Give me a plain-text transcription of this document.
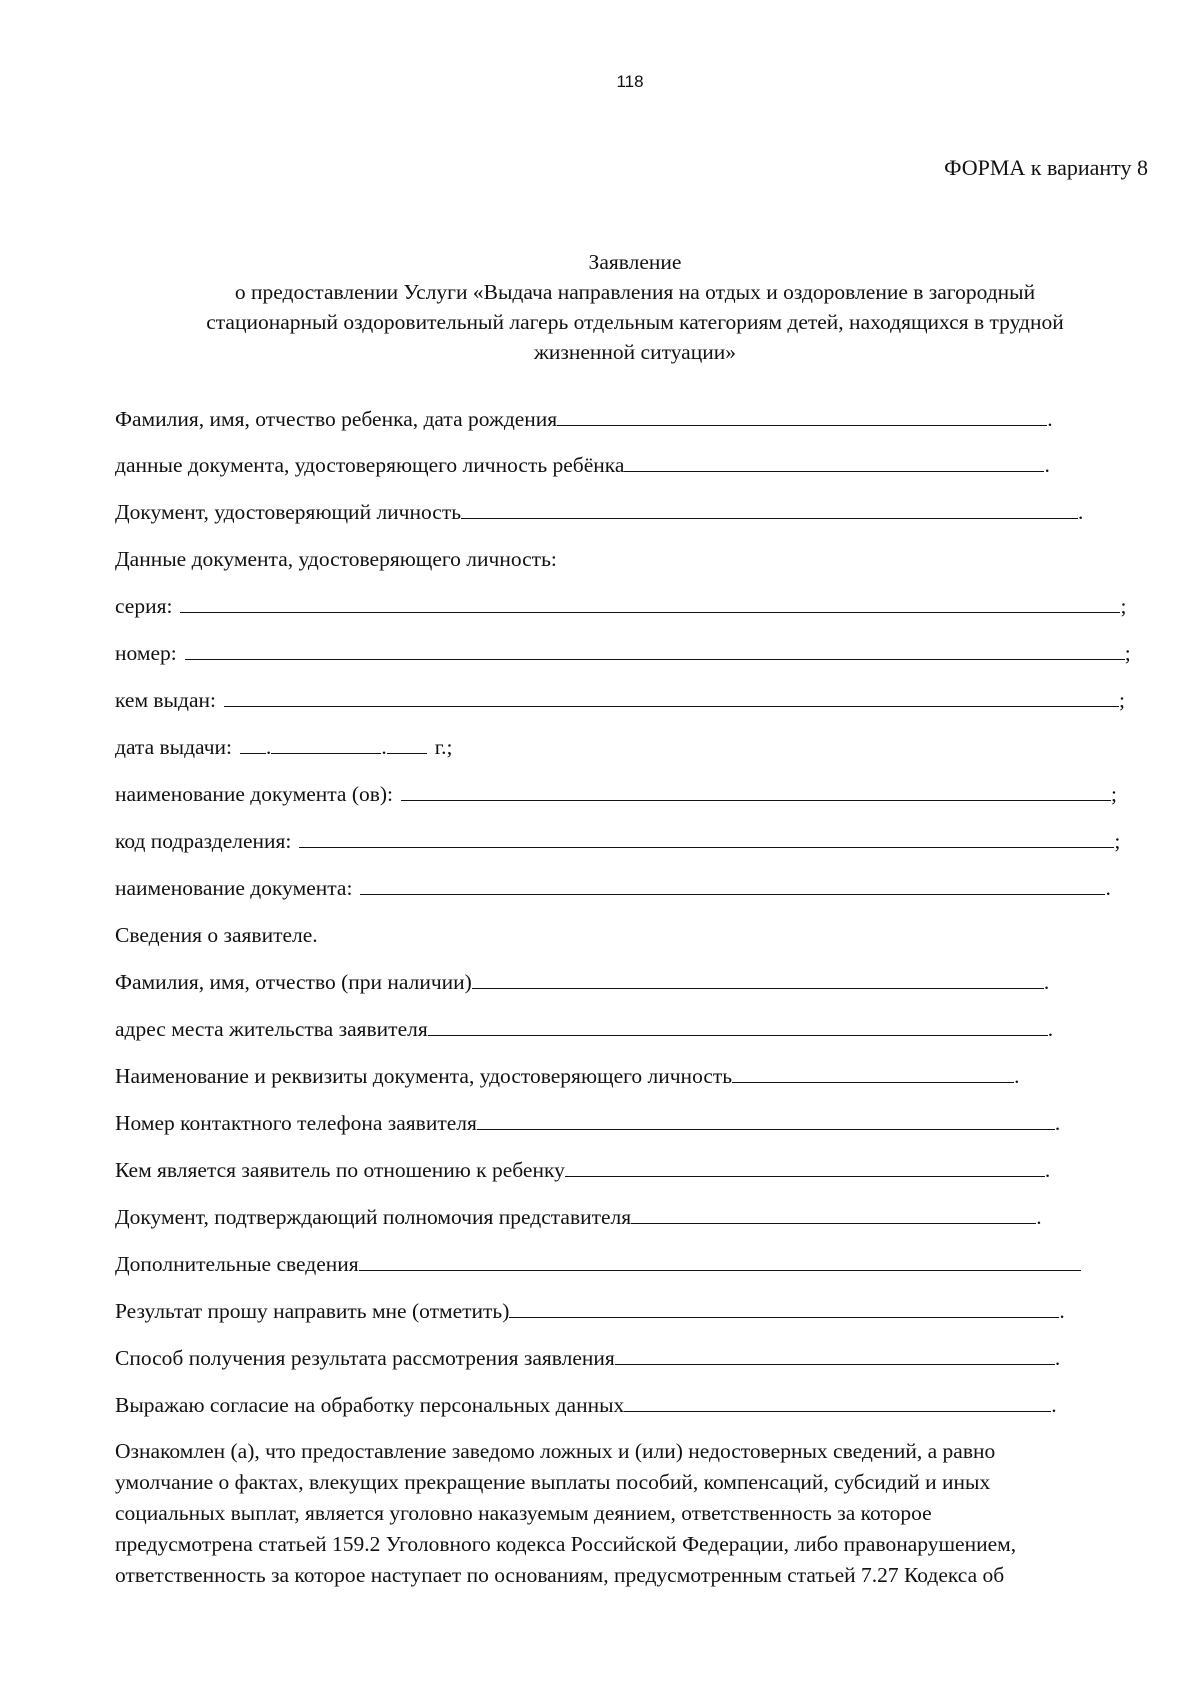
118
ФОРМА к варианту 8
Заявление
о предоставлении Услуги «Выдача направления на отдых и оздоровление в загородный
стационарный оздоровительный лагерь отдельным категориям детей, находящихся в трудной
жизненной ситуации»
Фамилия, имя, отчество ребенка, дата рождения	.
данные документа, удостоверяющего личность ребёнка	.
Документ, удостоверяющий личность	.
Данные документа, удостоверяющего личность:
серия:	;
номер:	;
кем выдан:	;
дата выдачи: .	. г.;
наименование документа (ов):	;
код подразделения:	;
наименование документа:	.
Сведения о заявителе.
Фамилия, имя, отчество (при наличии)	.
адрес места жительства заявителя	.
Наименование и реквизиты документа, удостоверяющего личность	.
Номер контактного телефона заявителя	.
Кем является заявитель по отношению к ребенку	.
Документ, подтверждающий полномочия представителя	.
Дополнительные сведения
Результат прошу направить мне (отметить)	.
Способ получения результата рассмотрения заявления	.
Выражаю согласие на обработку персональных данных	.
Ознакомлен (а), что предоставление заведомо ложных и (или) недостоверных сведений, а равно
умолчание о фактах, влекущих прекращение выплаты пособий, компенсаций, субсидий и иных
социальных выплат, является уголовно наказуемым деянием, ответственность за которое
предусмотрена статьей 159.2 Уголовного кодекса Российской Федерации, либо правонарушением,
ответственность за которое наступает по основаниям, предусмотренным статьей 7.27 Кодекса об
